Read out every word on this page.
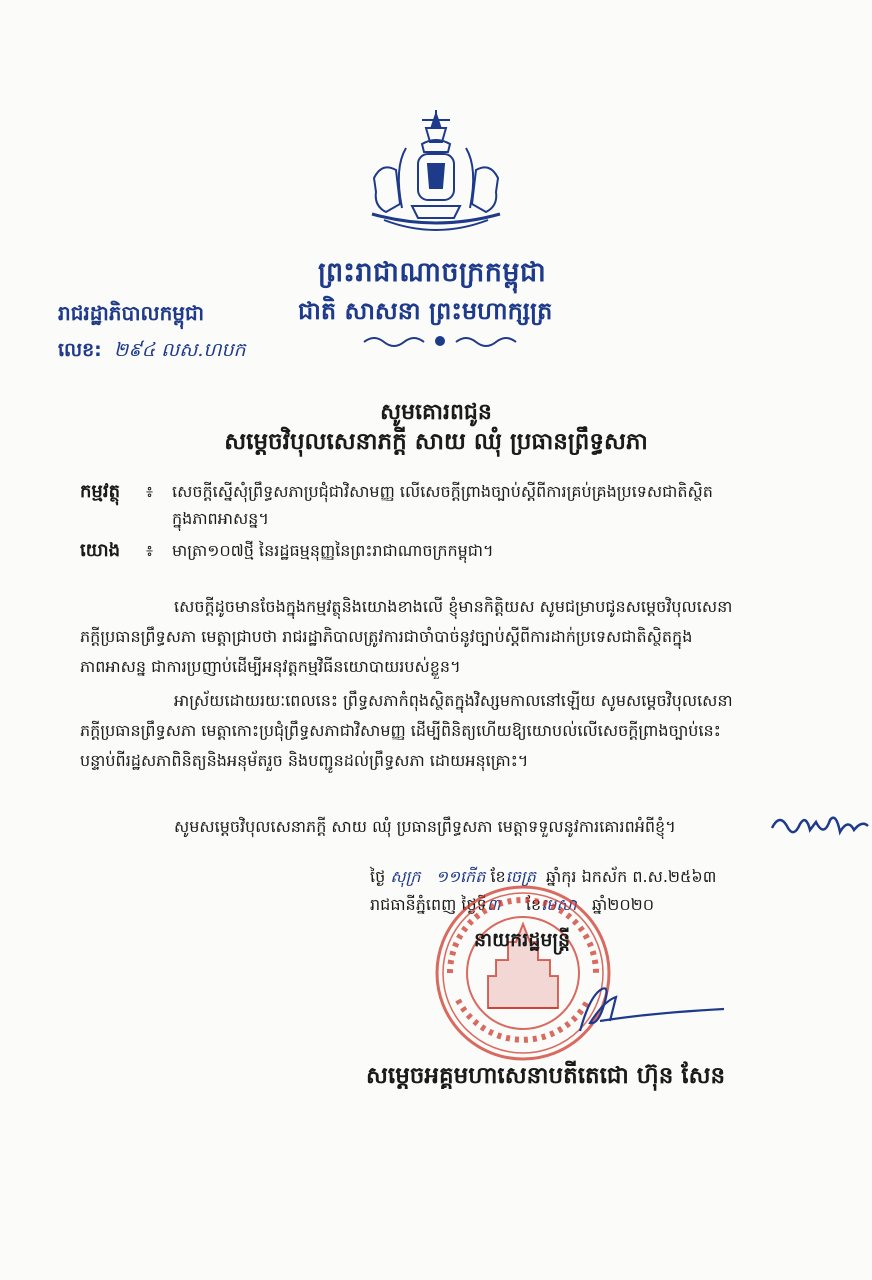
ព្រះរាជាណាចក្រកម្ពុជា
រាជរដ្ឋាភិបាលកម្ពុជា	ជាតិ សាសនា ព្រះមហាក្សត្រ
លេខ: ២៩៤ ​លស.​ហបក
សូមគោរពជូន
សម្តេចវិបុលសេនាភក្តី សាយ ឈុំ ប្រធានព្រឹទ្ធសភា
កម្មវត្ថុ ៖ សេចក្តីស្នើសុំព្រឹទ្ធសភាប្រជុំជាវិសាមញ្ញ លើសេចក្តីព្រាងច្បាប់ស្តីពីការគ្រប់គ្រងប្រទេសជាតិស្ថិត
ក្នុងភាពអាសន្ន។
យោង ៖ មាត្រា១០៧ថ្មី នៃរដ្ឋធម្មនុញ្ញនៃព្រះរាជាណាចក្រកម្ពុជា។
សេចក្តីដូចមានចែងក្នុងកម្មវត្ថុនិងយោងខាងលើ ខ្ញុំមានកិត្តិយស សូមជម្រាបជូនសម្តេចវិបុលសេនា
ភក្តីប្រធានព្រឹទ្ធសភា មេត្តាជ្រាបថា រាជរដ្ឋាភិបាលត្រូវការជាចាំបាច់នូវច្បាប់ស្តីពីការដាក់ប្រទេសជាតិស្ថិតក្នុង
ភាពអាសន្ន ជាការប្រញាប់ដើម្បីអនុវត្តកម្មវិធីនយោបាយរបស់ខ្លួន។
អាស្រ័យដោយរយៈពេលនេះ ព្រឹទ្ធសភាកំពុងស្ថិតក្នុងវិស្សមកាលនៅឡើយ សូមសម្តេចវិបុលសេនា
ភក្តីប្រធានព្រឹទ្ធសភា មេត្តាកោះប្រជុំព្រឹទ្ធសភាជាវិសាមញ្ញ ដើម្បីពិនិត្យហើយឱ្យយោបល់លើសេចក្តីព្រាងច្បាប់នេះ
បន្ទាប់ពីរដ្ឋសភាពិនិត្យនិងអនុម័តរួច និងបញ្ជូនដល់ព្រឹទ្ធសភា ដោយអនុគ្រោះ។
សូមសម្តេចវិបុលសេនាភក្តី សាយ ឈុំ ប្រធានព្រឹទ្ធសភា មេត្តាទទួលនូវការគោរពអំពីខ្ញុំ។
ថ្ងៃ សុក្រ ១១កើត ខែចេត្រ ឆ្នាំកុរ ឯកស័ក ព.ស.២៥៦៣
រាជធានីភ្នំពេញ ថ្ងៃទី៣ ខែមេសា ឆ្នាំ២០២០
នាយករដ្ឋមន្ត្រី
សម្តេចអគ្គមហាសេនាបតីតេជោ ហ៊ុន សែន
